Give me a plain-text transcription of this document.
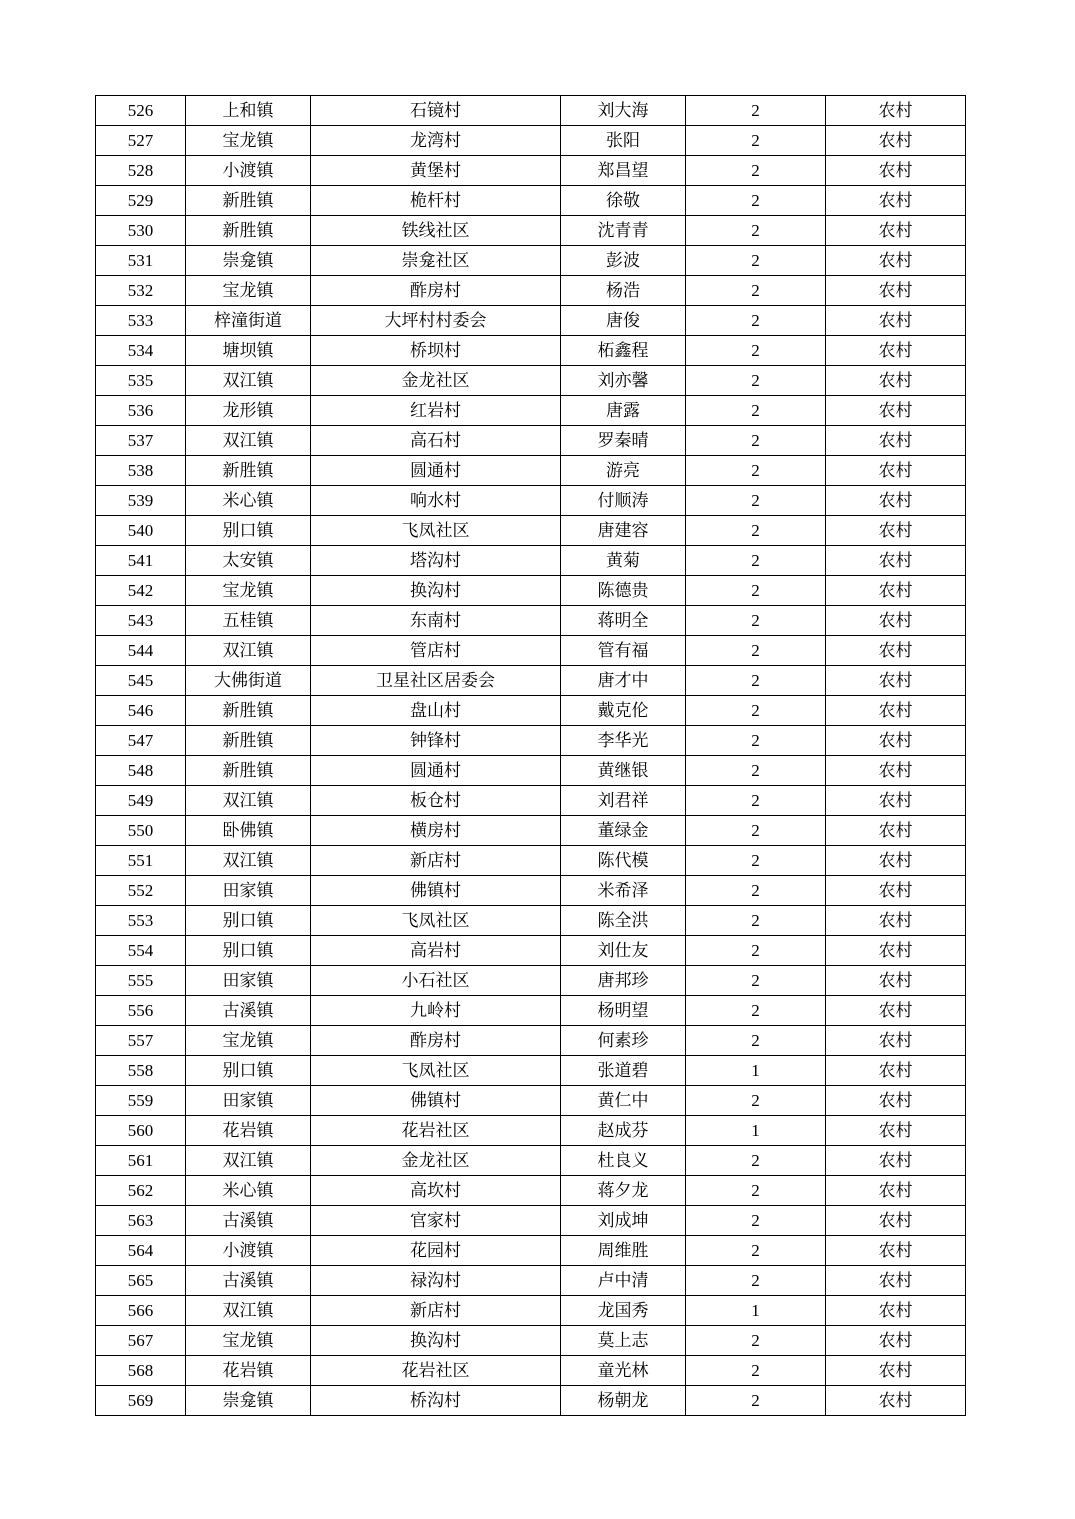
526	上和镇	石镜村	刘大海	2	农村
527	宝龙镇	龙湾村	张阳	2	农村
528	小渡镇	黄堡村	郑昌望	2	农村
529	新胜镇	桅杆村	徐敬	2	农村
530	新胜镇	铁线社区	沈青青	2	农村
531	崇龛镇	崇龛社区	彭波	2	农村
532	宝龙镇	酢房村	杨浩	2	农村
533	梓潼街道	大坪村村委会	唐俊	2	农村
534	塘坝镇	桥坝村	柘鑫程	2	农村
535	双江镇	金龙社区	刘亦馨	2	农村
536	龙形镇	红岩村	唐露	2	农村
537	双江镇	高石村	罗秦晴	2	农村
538	新胜镇	圆通村	游亮	2	农村
539	米心镇	响水村	付顺涛	2	农村
540	别口镇	飞凤社区	唐建容	2	农村
541	太安镇	塔沟村	黄菊	2	农村
542	宝龙镇	换沟村	陈德贵	2	农村
543	五桂镇	东南村	蒋明全	2	农村
544	双江镇	管店村	管有福	2	农村
545	大佛街道	卫星社区居委会	唐才中	2	农村
546	新胜镇	盘山村	戴克伦	2	农村
547	新胜镇	钟锋村	李华光	2	农村
548	新胜镇	圆通村	黄继银	2	农村
549	双江镇	板仓村	刘君祥	2	农村
550	卧佛镇	横房村	董绿金	2	农村
551	双江镇	新店村	陈代模	2	农村
552	田家镇	佛镇村	米希泽	2	农村
553	别口镇	飞凤社区	陈全洪	2	农村
554	别口镇	高岩村	刘仕友	2	农村
555	田家镇	小石社区	唐邦珍	2	农村
556	古溪镇	九岭村	杨明望	2	农村
557	宝龙镇	酢房村	何素珍	2	农村
558	别口镇	飞凤社区	张道碧	1	农村
559	田家镇	佛镇村	黄仁中	2	农村
560	花岩镇	花岩社区	赵成芬	1	农村
561	双江镇	金龙社区	杜良义	2	农村
562	米心镇	高坎村	蒋夕龙	2	农村
563	古溪镇	官家村	刘成坤	2	农村
564	小渡镇	花园村	周维胜	2	农村
565	古溪镇	禄沟村	卢中清	2	农村
566	双江镇	新店村	龙国秀	1	农村
567	宝龙镇	换沟村	莫上志	2	农村
568	花岩镇	花岩社区	童光林	2	农村
569	崇龛镇	桥沟村	杨朝龙	2	农村
